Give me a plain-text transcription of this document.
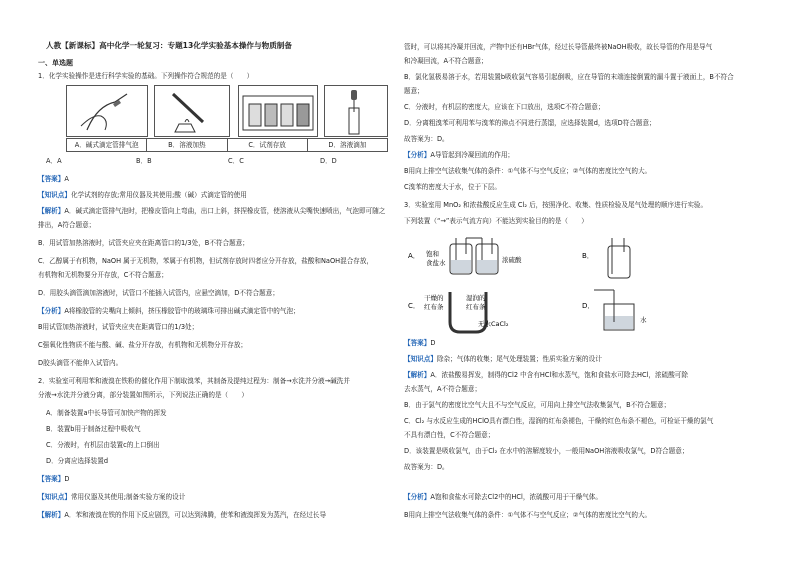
人教【新课标】高中化学一轮复习：专题13化学实验基本操作与物质制备
一、单选题
1．化学实验操作是进行科学实验的基础。下列操作符合规范的是（　　）
A．碱式滴定管排气泡	B．溶液加热	C．试剂存放	D．溶液滴加
A．A	B．B	C．C	D．D
【答案】A
【知识点】化学试剂的存放;常用仪器及其使用;酸（碱）式滴定管的使用
【解析】A．碱式滴定管排气泡时，把橡皮管向上弯曲，出口上斜，挤捏橡皮管，使溶液从尖嘴快速喷出，气泡即可随之
排出，A符合题意；
B．用试管加热溶液时，试管夹应夹在距离管口的1/3处，B不符合题意；
C．乙醇属于有机物，NaOH 属于无机物，苯属于有机物，但试剂存放时四者应分开存放，盐酸和NaOH混合存放，
有机物和无机物要分开存放，C不符合题意；
D．用胶头滴管滴加溶液时，试管口不能插入试管内，应悬空滴加，D不符合题意；
【分析】A将橡胶管的尖嘴向上倾斜，挤压橡胶管中的玻璃珠可排出碱式滴定管中的气泡；
B用试管加热溶液时，试管夹应夹在距离管口的1/3处；
C强氧化性物质不能与酸、碱、盐分开存放，有机物和无机物分开存放；
D胶头滴管不能伸入试管内。
2．实验室可利用苯和液溴在铁粉的催化作用下制取溴苯，其制备及提纯过程为：制备→水洗并分液→碱洗并
分液→水洗并分液分离，部分装置如图所示，下列说法正确的是（　　）
A．制备装置a中长导管可加快产物的挥发
B．装置b用于制备过程中吸收气
C．分液时，有机层由装置c的上口倒出
D．分离应选择装置d
【答案】D
【知识点】常用仪器及其使用;制备实验方案的设计
【解析】A．苯和液溴在铁的作用下反应剧烈，可以达到沸腾，使苯和液溴挥发为蒸汽，在经过长导
管时，可以将其冷凝并回流，产物中还有HBr气体，经过长导管最终被NaOH吸收，故长导管的作用是导气
和冷凝回流，A不符合题意；
B．氯化氢极易溶于水，若用装置b吸收氯气容易引起倒吸，应在导管的末端连接倒置的漏斗置于液面上，B不符合
题意；
C．分液时，有机层的密度大，应该在下口放出，选项C不符合题意；
D．分离粗溴苯可利用苯与溴苯的沸点不同进行蒸馏，应选择装置d，选项D符合题意；
故答案为：D。
【分析】A导管起到冷凝回流的作用；
B用向上排空气法收集气体的条件：①气体不与空气反应；②气体的密度比空气的大。
C溴苯的密度大于水，位于下层。
3．实验室用 MnO₂ 和浓盐酸反应生成 Cl₂ 后，按照净化、收集、性质检验及尾气处理的顺序进行实验。
下列装置（“→”表示气流方向）不能达到实验目的的是（　　）
A． 饱和
食盐水	浓硫酸	B．
C．
干燥的
红布条
湿润的
红布条
无水CaCl₂
D．
水
【答案】D
【知识点】除杂；气体的收集；尾气处理装置；性质实验方案的设计
【解析】A．浓盐酸易挥发，制得的Cl2 中含有HCl和水蒸气，饱和食盐水可除去HCl，浓硫酸可除
去水蒸气，A不符合题意；
B．由于氯气的密度比空气大且不与空气反应，可用向上排空气法收集氯气，B不符合题意；
C．Cl₂ 与水反应生成的HClO具有漂白性，湿润的红布条褪色，干燥的红色布条不褪色，可检证干燥的氯气
不具有漂白性，C不符合题意；
D．该装置是吸收氯气，由于Cl₂ 在水中的溶解度较小，一般用NaOH溶液吸收氯气，D符合题意；
故答案为：D。
【分析】A饱和食盐水可除去Cl2中的HCl，浓硫酸可用于干燥气体。
B用向上排空气法收集气体的条件：①气体不与空气反应；②气体的密度比空气的大。
